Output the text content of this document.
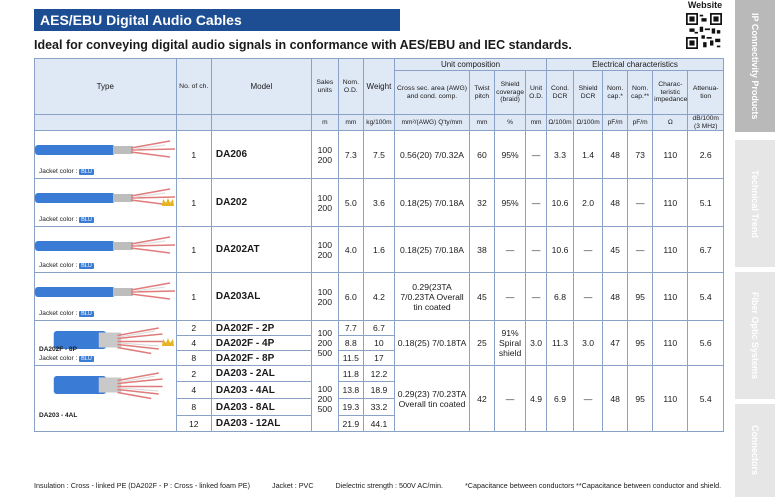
AES/EBU Digital Audio Cables
Website
Ideal for conveying digital audio signals in conformance with AES/EBU and IEC standards.
Type	No. of ch.	Model	Sales units	Nom. O.D.	Weight	Unit composition				Electrical characteristics					
						Cross sec. area (AWG) and cond. comp.	Twist pitch	Shield coverage (braid)	Unit O.D.	Cond. DCR	Shield DCR	Nom. cap.*	Nom. cap.**	Charac- teristic impedance	Attenua- tion
			m	mm	kg/100m	mm²/(AWG) Q'ty/mm	mm	%	mm	Ω/100m	Ω/100m	pF/m	pF/m	Ω	dB/100m (3 MHz)

Jacket color : BLU	1	DA206	100 200	7.3	7.5	0.56(20) 7/0.32A	60	95%	—	3.3	1.4	48	73	110	2.6

Jacket color : BLU	1	DA202	100 200	5.0	3.6	0.18(25) 7/0.18A	32	95%	—	10.6	2.0	48	—	110	5.1

Jacket color : BLU	1	DA202AT	100 200	4.0	1.6	0.18(25) 7/0.18A	38	—	—	10.6	—	45	—	110	6.7

Jacket color : BLU	1	DA203AL	100 200	6.0	4.2	0.29(23TA 7/0.23TA Overall tin coated	45	—	—	6.8	—	48	95	110	5.4

DA202F - 8P
Jacket color : BLU	2	DA202F - 2P	100 200 500	7.7	6.7	0.18(25) 7/0.18TA	25	91% Spiral shield	3.0	11.3	3.0	47	95	110	5.6
	4	DA202F - 4P		8.8	10										
	8	DA202F - 8P		11.5	17										

DA203 - 4AL	2	DA203 - 2AL	100 200 500	11.8	12.2	0.29(23) 7/0.23TA Overall tin coated	42	—	4.9	6.9	—	48	95	110	5.4
	4	DA203 - 4AL		13.8	18.9										
	8	DA203 - 8AL		19.3	33.2										
	12	DA203 - 12AL		21.9	44.1										
Insulation : Cross - linked PE (DA202F - P : Cross - linked foam PE)	Jacket : PVC	Dielectric strength : 500V AC/min.	*Capacitance between conductors **Capacitance between conductor and shield.
IP Connectivity Products
Technical Trend
Fiber Optic Systems
Connectors
